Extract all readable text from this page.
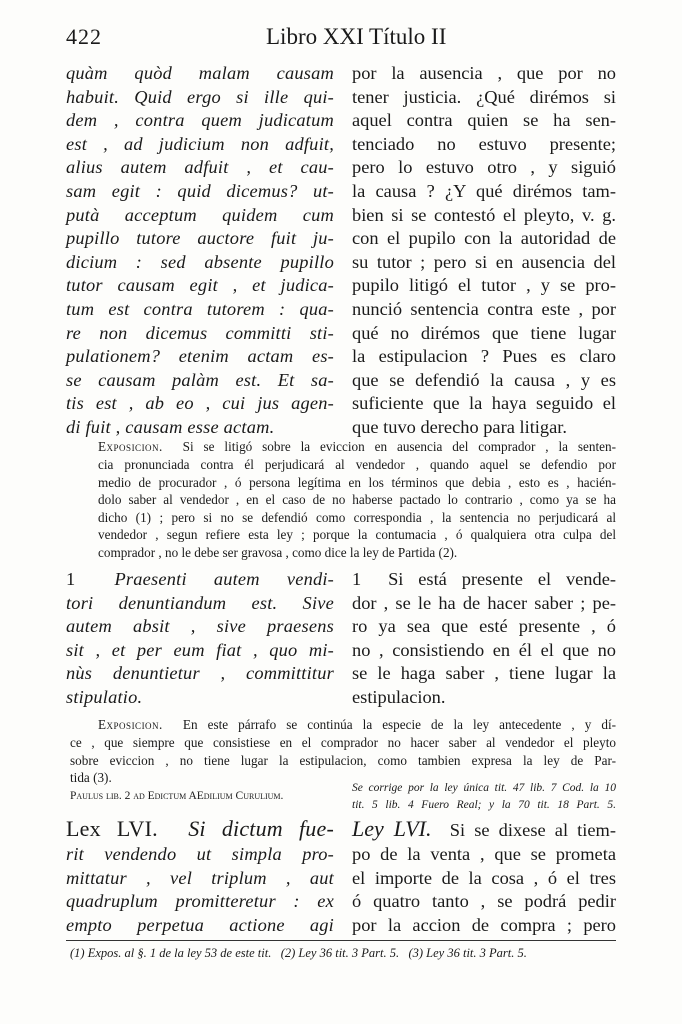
422	Libro XXI Título II
quàm quòd malam causam
habuit. Quid ergo si ille qui-
dem , contra quem judicatum
est , ad judicium non adfuit,
alius autem adfuit , et cau-
sam egit : quid dicemus? ut-
putà acceptum quidem cum
pupillo tutore auctore fuit ju-
dicium : sed absente pupillo
tutor causam egit , et judica-
tum est contra tutorem : qua-
re non dicemus committi sti-
pulationem? etenim actam es-
se causam palàm est. Et sa-
tis est , ab eo , cui jus agen-
di fuit , causam esse actam.
por la ausencia , que por no
tener justicia. ¿Qué dirémos si
aquel contra quien se ha sen-
tenciado no estuvo presente;
pero lo estuvo otro , y siguió
la causa ? ¿Y qué dirémos tam-
bien si se contestó el pleyto, v. g.
con el pupilo con la autoridad de
su tutor ; pero si en ausencia del
pupilo litigó el tutor , y se pro-
nunció sentencia contra este , por
qué no dirémos que tiene lugar
la estipulacion ? Pues es claro
que se defendió la causa , y es
suficiente que la haya seguido el
que tuvo derecho para litigar.
Exposicion. Si se litigó sobre la eviccion en ausencia del comprador , la senten-
cia pronunciada contra él perjudicará al vendedor , quando aquel se defendio por
medio de procurador , ó persona legítima en los términos que debia , esto es , hacién-
dolo saber al vendedor , en el caso de no haberse pactado lo contrario , como ya se ha
dicho (1) ; pero si no se defendió como correspondia , la sentencia no perjudicará al
vendedor , segun refiere esta ley ; porque la contumacia , ó qualquiera otra culpa del
comprador , no le debe ser gravosa , como dice la ley de Partida (2).
1 Praesenti autem vendi-
tori denuntiandum est. Sive
autem absit , sive praesens
sit , et per eum fiat , quo mi-
nùs denuntietur , committitur
stipulatio.
1 Si está presente el vende-
dor , se le ha de hacer saber ; pe-
ro ya sea que esté presente , ó
no , consistiendo en él el que no
se le haga saber , tiene lugar la
estipulacion.
Exposicion. En este párrafo se continúa la especie de la ley antecedente , y dí-
ce , que siempre que consistiese en el comprador no hacer saber al vendedor el pleyto
sobre eviccion , no tiene lugar la estipulacion, como tambien expresa la ley de Par-
tida (3).
Paulus lib. 2 ad Edictum AEdilium Curulium.
Se corrige por la ley única tit. 47 lib. 7 Cod. la 10
tit. 5 lib. 4 Fuero Real; y la 70 tit. 18 Part. 5.
Lex LVI. Si dictum fue-
rit vendendo ut simpla pro-
mittatur , vel triplum , aut
quadruplum promitteretur : ex
empto perpetua actione agi
Ley LVI. Si se dixese al tiem-
po de la venta , que se prometa
el importe de la cosa , ó el tres
ó quatro tanto , se podrá pedir
por la accion de compra ; pero
(1) Expos. al §. 1 de la ley 53 de este tit. (2) Ley 36 tit. 3 Part. 5. (3) Ley 36 tit. 3 Part. 5.
